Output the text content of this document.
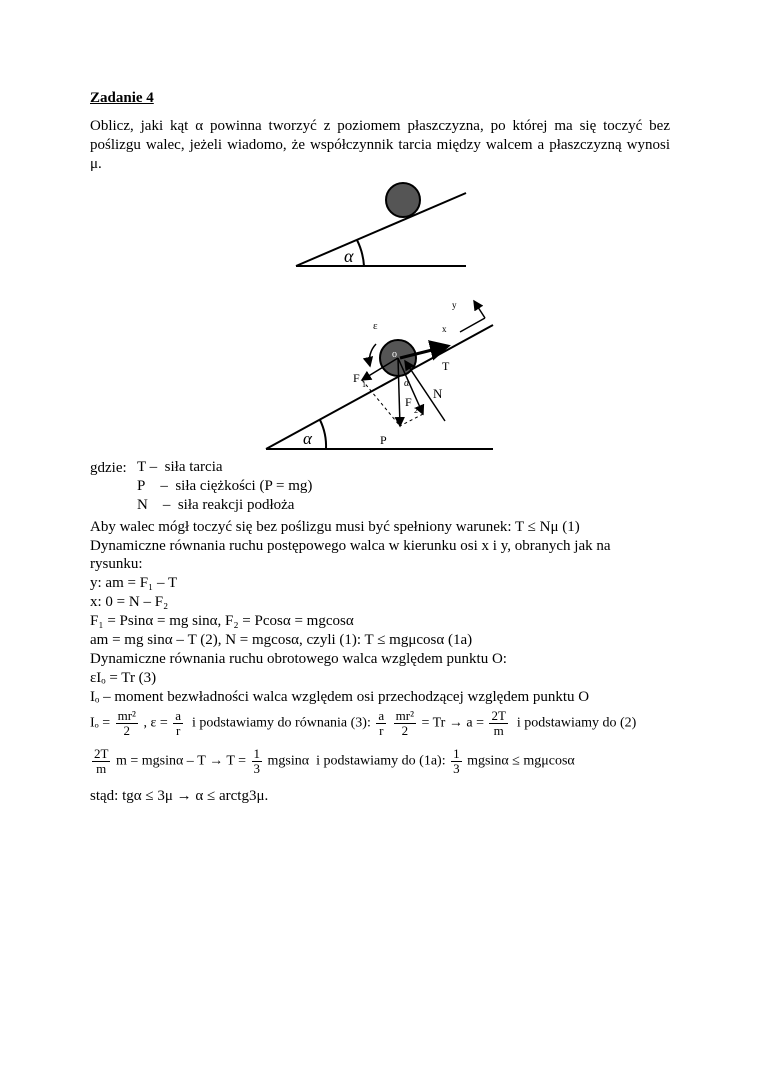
Zadanie 4
Oblicz, jaki kąt α powinna tworzyć z poziomem płaszczyzna, po której ma się toczyć bez poślizgu walec, jeżeli wiadomo, że współczynnik tarcia między walcem a płaszczyzną wynosi μ.
α
α
o
ε
T
F 1
P
F
2
N
α
x
y
gdzie: T – siła tarcia
P – siła ciężkości (P = mg)
N – siła reakcji podłoża
Aby walec mógł toczyć się bez poślizgu musi być spełniony warunek: T ≤ Nμ (1)
Dynamiczne równania ruchu postępowego walca w kierunku osi x i y, obranych jak na
rysunku:
y: am = F₁ – T
x: 0 = N – F₂
F₁ = Psinα = mg sinα, F₂ = Pcosα = mgcosα
am = mg sinα – T (2), N = mgcosα, czyli (1): T ≤ mgμcosα (1a)
Dynamiczne równania ruchu obrotowego walca względem punktu O:
εIₒ = Tr (3)
Iₒ – moment bezwładności walca względem osi przechodzącej względem punktu O
$I_o = \frac{\text{mr²}}{2}$ , $\varepsilon = \frac{a}{r}$ i podstawiamy do równania (3): $\frac{a}{r}$
$\frac{\text{mr²}}{2} = Tr \to a = \frac{2T}{m}$ i podstawiamy do (2)
$\frac{2T}{m}$ $m = mgsin\alpha - T \to T = \frac{1}{3}$ mgsinα i podstawiamy do (1a): $\frac{1}{3}$ mgsinα ≤ mgμcosα
stąd: tgα ≤ 3μ → α ≤ arctg3μ.
